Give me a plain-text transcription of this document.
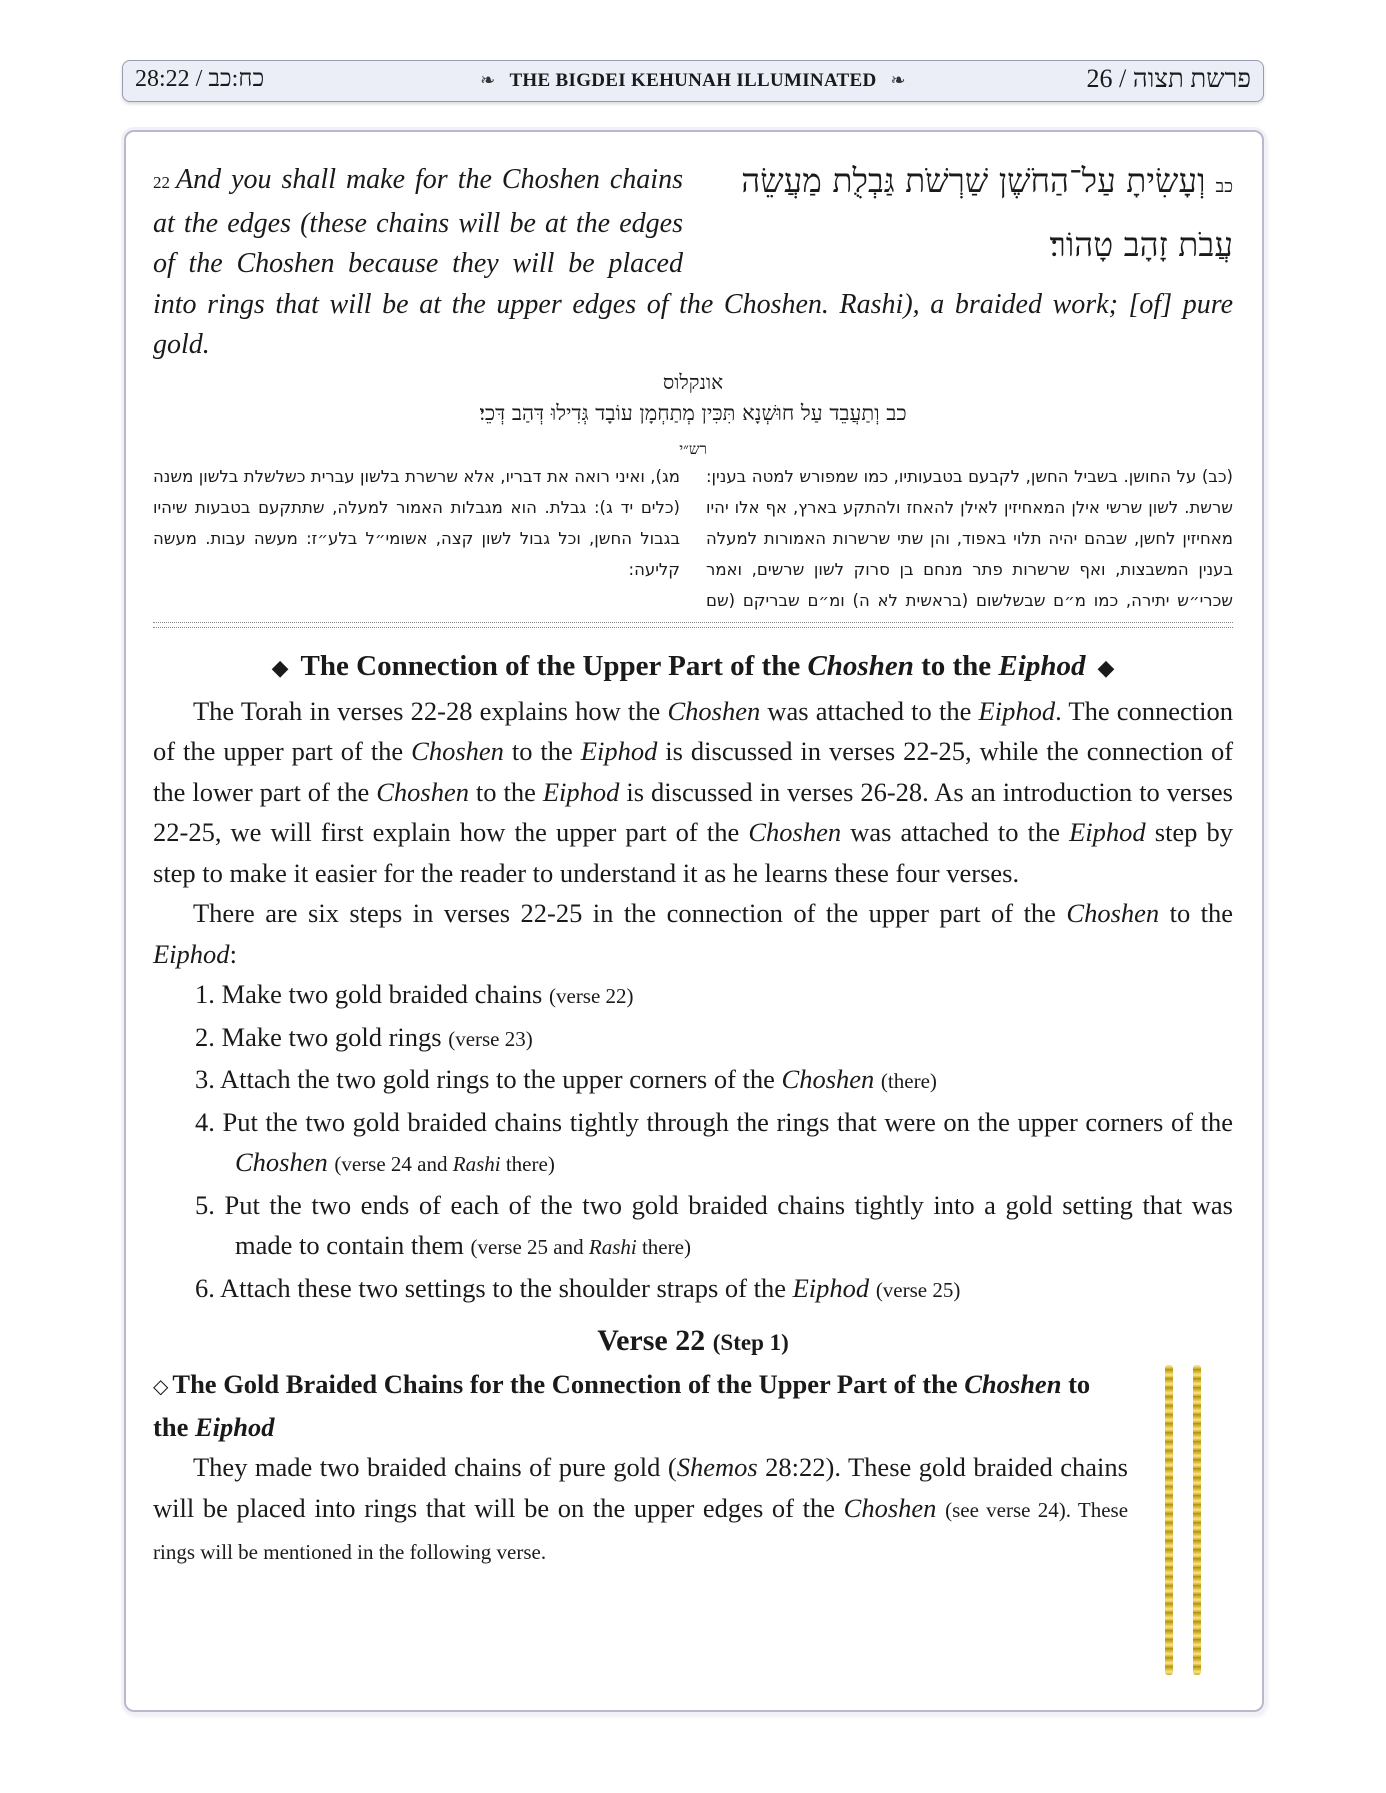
28:22 / כח:כב	❧ THE BIGDEI KEHUNAH ILLUMINATED ❧	פרשת תצוה / 26
כבוְעָשִׂיתָ עַל־הַחֹשֶׁן שַׁרְשֹׁת גַּבְלֻת מַעֲשֵׂה עֲבֹת זָהָב טָהוֹר׃

22 And you shall make for the Choshen chains at the edges (these chains will be at the edges of the Choshen because they will be placed into rings that will be at the upper edges of the Choshen. Rashi), a braided work; [of] pure gold.

אונקלוס
כב וְתַעֲבֵד עַל חוּשְׁנָא תִּכִּין מְתַחְמָן עוֹבָד גְּדִילוּ דְּהַב דְּכֵי׃
רש״י
(כב) על החושן. בשביל החשן, לקבעם בטבעותיו, כמו שמפורש למטה בענין: שרשת. לשון שרשי אילן המאחיזין לאילן להאחז ולהתקע בארץ, אף אלו יהיו מאחיזין לחשן, שבהם יהיה תלוי באפוד, והן שתי שרשרות האמורות למעלה בענין המשבצות, ואף שרשרות פתר מנחם בן סרוק לשון שרשים, ואמר שכרי״ש יתירה, כמו מ״ם שבשלשום (בראשית לא ה) ומ״ם שבריקם (שם מג), ואיני רואה את דבריו, אלא שרשרת בלשון עברית כשלשלת בלשון משנה (כלים יד ג): גבלת. הוא מגבלות האמור למעלה, שתתקעם בטבעות שיהיו בגבול החשן, וכל גבול לשון קצה, אשומי״ל בלע״ז: מעשה עבות. מעשה קליעה:
◆ The Connection of the Upper Part of the Choshen to the Eiphod ◆

The Torah in verses 22-28 explains how the Choshen was attached to the Eiphod. The connection of the upper part of the Choshen to the Eiphod is discussed in verses 22-25, while the connection of the lower part of the Choshen to the Eiphod is discussed in verses 26-28. As an introduction to verses 22-25, we will first explain how the upper part of the Choshen was attached to the Eiphod step by step to make it easier for the reader to understand it as he learns these four verses.

There are six steps in verses 22-25 in the connection of the upper part of the Choshen to the Eiphod:

1. Make two gold braided chains (verse 22)
2. Make two gold rings (verse 23)
3. Attach the two gold rings to the upper corners of the Choshen (there)
4. Put the two gold braided chains tightly through the rings that were on the upper corners of the Choshen (verse 24 and Rashi there)
5. Put the two ends of each of the two gold braided chains tightly into a gold setting that was made to contain them (verse 25 and Rashi there)
6. Attach these two settings to the shoulder straps of the Eiphod (verse 25)
Verse 22 (Step 1)

◇ The Gold Braided Chains for the Connection of the Upper Part of the Choshen to the Eiphod

They made two braided chains of pure gold (Shemos 28:22). These gold braided chains will be placed into rings that will be on the upper edges of the Choshen (see verse 24). These rings will be mentioned in the following verse.
